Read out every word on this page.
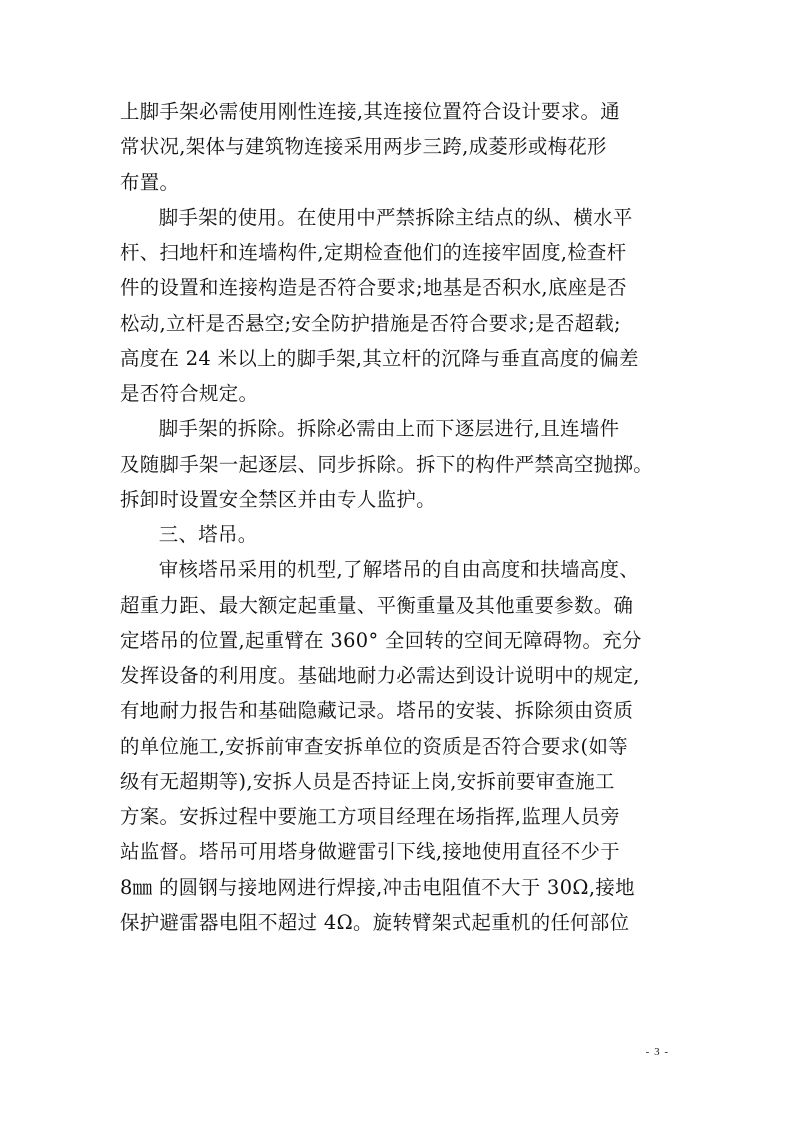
上脚手架必需使用刚性连接,其连接位置符合设计要求。通
常状况,架体与建筑物连接采用两步三跨,成菱形或梅花形
布置。

脚手架的使用。在使用中严禁拆除主结点的纵、横水平
杆、扫地杆和连墙构件,定期检查他们的连接牢固度,检查杆
件的设置和连接构造是否符合要求;地基是否积水,底座是否
松动,立杆是否悬空;安全防护措施是否符合要求;是否超载;
高度在 24 米以上的脚手架,其立杆的沉降与垂直高度的偏差
是否符合规定。

脚手架的拆除。拆除必需由上而下逐层进行,且连墙件
及随脚手架一起逐层、同步拆除。拆下的构件严禁高空抛掷。
拆卸时设置安全禁区并由专人监护。

三、塔吊。

审核塔吊采用的机型,了解塔吊的自由高度和扶墙高度、
超重力距、最大额定起重量、平衡重量及其他重要参数。确
定塔吊的位置,起重臂在 360° 全回转的空间无障碍物。充分
发挥设备的利用度。基础地耐力必需达到设计说明中的规定,
有地耐力报告和基础隐藏记录。塔吊的安装、拆除须由资质
的单位施工,安拆前审查安拆单位的资质是否符合要求(如等
级有无超期等),安拆人员是否持证上岗,安拆前要审查施工
方案。安拆过程中要施工方项目经理在场指挥,监理人员旁
站监督。塔吊可用塔身做避雷引下线,接地使用直径不少于
8㎜ 的圆钢与接地网进行焊接,冲击电阻值不大于 30Ω,接地
保护避雷器电阻不超过 4Ω。旋转臂架式起重机的任何部位

- 3 -
